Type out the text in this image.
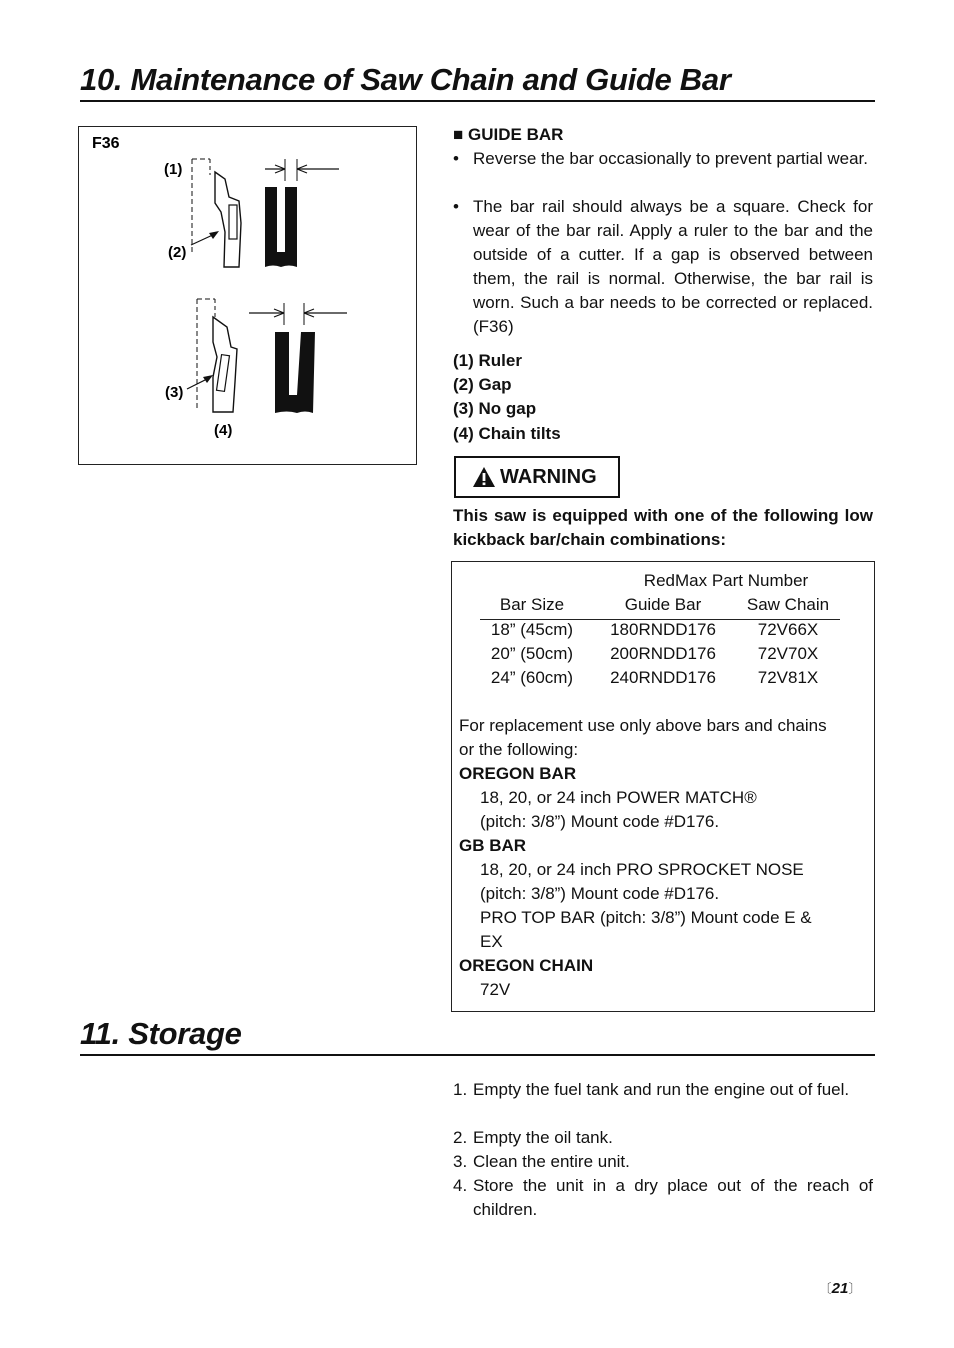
10. Maintenance of Saw Chain and Guide Bar
F36
(1)
(2)
(3)
(4)
■ GUIDE BAR
• Reverse the bar occasionally to prevent partial wear.
• The bar rail should always be a square. Check for wear of the bar rail. Apply a ruler to the bar and the outside of a cutter. If a gap is observed between them, the rail is normal. Otherwise, the bar rail is worn. Such a bar needs to be corrected or replaced. (F36)
(1) Ruler
(2) Gap
(3) No gap
(4) Chain tilts
WARNING
This saw is equipped with one of the following low kickback bar/chain combinations:
RedMax Part Number
Bar Size	Guide Bar	Saw Chain
18” (45cm)	180RNDD176	72V66X
20” (50cm)	200RNDD176	72V70X
24” (60cm)	240RNDD176	72V81X
For replacement use only above bars and chains
or the following:
OREGON BAR
18, 20, or 24 inch POWER MATCH®
(pitch: 3/8”) Mount code #D176.
GB BAR
18, 20, or 24 inch PRO SPROCKET NOSE
(pitch: 3/8”) Mount code #D176.
PRO TOP BAR (pitch: 3/8”) Mount code E &
EX
OREGON CHAIN
72V
11. Storage
1. Empty the fuel tank and run the engine out of fuel.
2. Empty the oil tank.
3. Clean the entire unit.
4. Store the unit in a dry place out of the reach of children.
〔21〕
